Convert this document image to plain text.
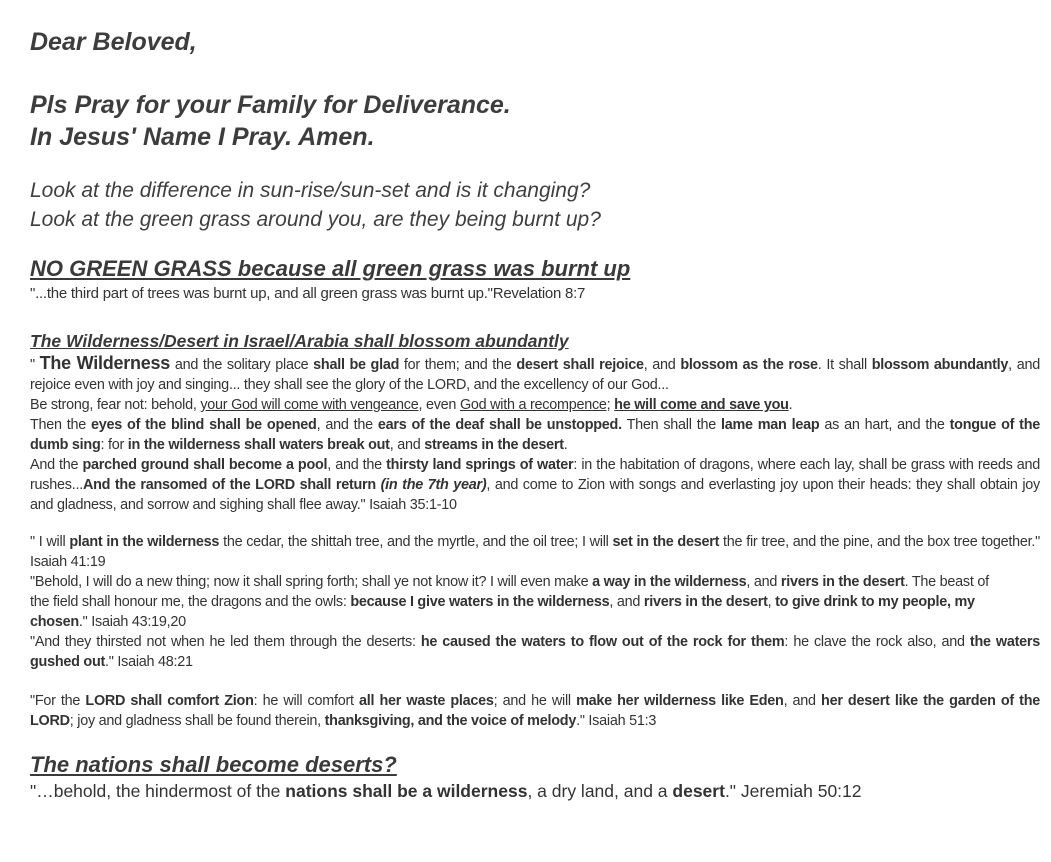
Dear Beloved,

Pls Pray for your Family for Deliverance.
In Jesus' Name I Pray. Amen.
Look at the difference in sun-rise/sun-set and is it changing?
Look at the green grass around you, are they being burnt up?
NO GREEN GRASS because all green grass was burnt up
"...the third part of trees was burnt up, and all green grass was burnt up."Revelation 8:7
The Wilderness/Desert in Israel/Arabia shall blossom abundantly
" The Wilderness and the solitary place shall be glad for them; and the desert shall rejoice, and blossom as the rose. It shall blossom abundantly, and rejoice even with joy and singing... they shall see the glory of the LORD, and the excellency of our God...
Be strong, fear not: behold, your God will come with vengeance, even God with a recompence; he will come and save you.
Then the eyes of the blind shall be opened, and the ears of the deaf shall be unstopped. Then shall the lame man leap as an hart, and the tongue of the dumb sing: for in the wilderness shall waters break out, and streams in the desert.
And the parched ground shall become a pool, and the thirsty land springs of water: in the habitation of dragons, where each lay, shall be grass with reeds and rushes...And the ransomed of the LORD shall return (in the 7th year), and come to Zion with songs and everlasting joy upon their heads: they shall obtain joy and gladness, and sorrow and sighing shall flee away." Isaiah 35:1-10
" I will plant in the wilderness the cedar, the shittah tree, and the myrtle, and the oil tree; I will set in the desert the fir tree, and the pine, and the box tree together." Isaiah 41:19
"Behold, I will do a new thing; now it shall spring forth; shall ye not know it? I will even make a way in the wilderness, and rivers in the desert. The beast of the field shall honour me, the dragons and the owls: because I give waters in the wilderness, and rivers in the desert, to give drink to my people, my chosen." Isaiah 43:19,20
"And they thirsted not when he led them through the deserts: he caused the waters to flow out of the rock for them: he clave the rock also, and the waters gushed out." Isaiah 48:21
"For the LORD shall comfort Zion: he will comfort all her waste places; and he will make her wilderness like Eden, and her desert like the garden of the LORD; joy and gladness shall be found therein, thanksgiving, and the voice of melody." Isaiah 51:3
The nations shall become deserts?
"…behold, the hindermost of the nations shall be a wilderness, a dry land, and a desert." Jeremiah 50:12
